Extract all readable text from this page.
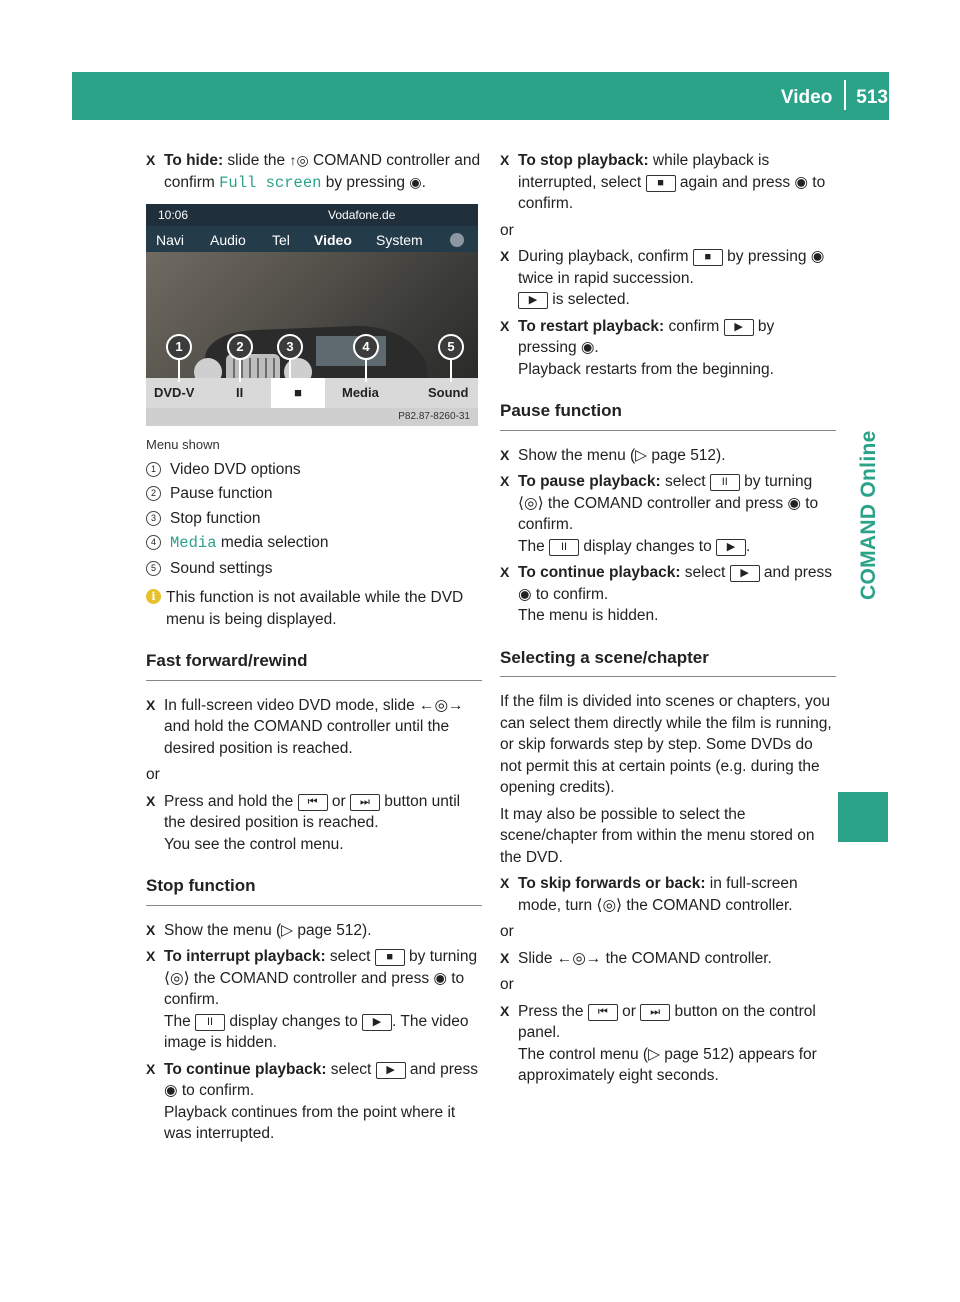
Video 513
COMAND Online

X To hide: slide the ↑◎ COMAND controller and confirm Full screen by pressing ◉.

10:06	Vodafone.de
Navi Audio Tel Video System
DVD-V	II	■	Media	Sound
P82.87-8260-31
1	2	3	4	5

Menu shown

1 Video DVD options

2 Pause function

3 Stop function

4 Media media selection

5 Sound settings

i This function is not available while the DVD menu is being displayed.

Fast forward/rewind

X In full-screen video DVD mode, slide ←◎→ and hold the COMAND controller until the desired position is reached.

or

X Press and hold the ⏮ or ⏭ button until the desired position is reached.
You see the control menu.

Stop function

X Show the menu (▷ page 512).

X To interrupt playback: select ■ by turning ⟨◎⟩ the COMAND controller and press ◉ to confirm.
The II display changes to ▶ . The video image is hidden.

X To continue playback: select ▶ and press ◉ to confirm.
Playback continues from the point where it was interrupted.

X To stop playback: while playback is interrupted, select ■ again and press ◉ to confirm.

or

X During playback, confirm ■ by pressing ◉ twice in rapid succession.
▶ is selected.

X To restart playback: confirm ▶ by pressing ◉.
Playback restarts from the beginning.

Pause function

X Show the menu (▷ page 512).

X To pause playback: select II by turning ⟨◎⟩ the COMAND controller and press ◉ to confirm.
The II display changes to ▶ .

X To continue playback: select ▶ and press ◉ to confirm.
The menu is hidden.

Selecting a scene/chapter

If the film is divided into scenes or chapters, you can select them directly while the film is running, or skip forwards step by step. Some DVDs do not permit this at certain points (e.g. during the opening credits).

It may also be possible to select the scene/chapter from within the menu stored on the DVD.

X To skip forwards or back: in full-screen mode, turn ⟨◎⟩ the COMAND controller.

or

X Slide ←◎→ the COMAND controller.

or

X Press the ⏮ or ⏭ button on the control panel.
The control menu (▷ page 512) appears for approximately eight seconds.
